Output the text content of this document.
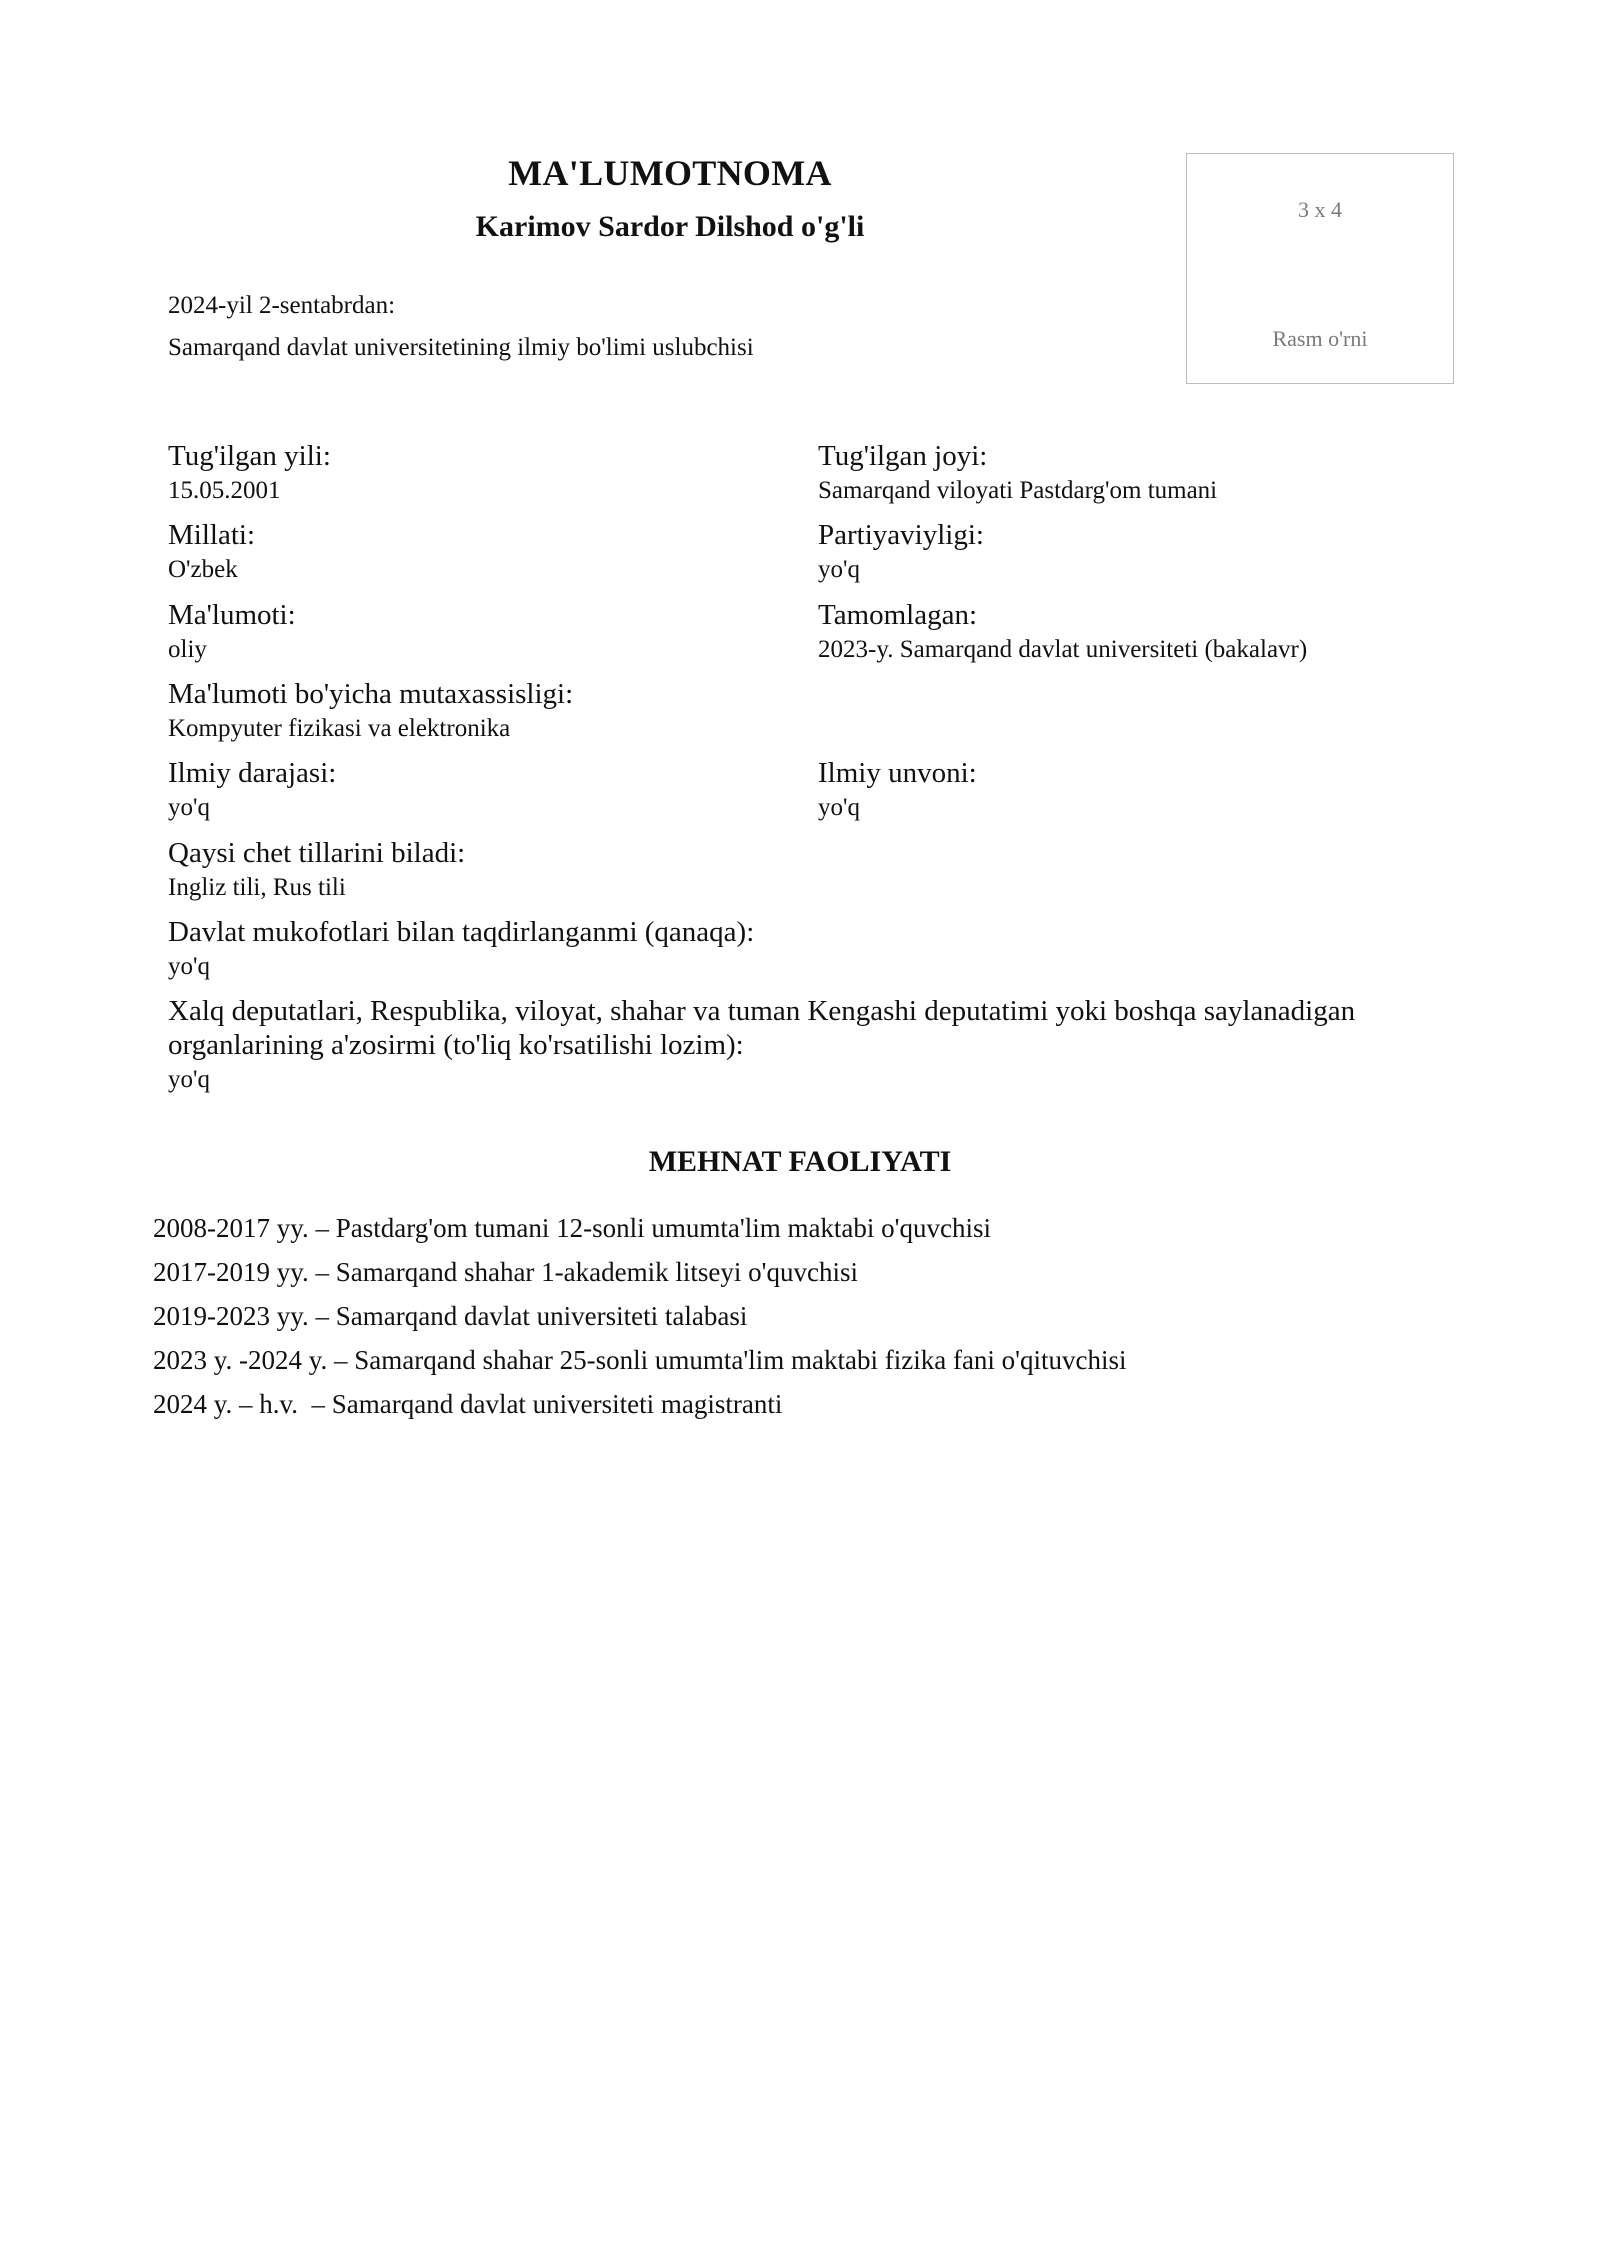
MA'LUMOTNOMA
Karimov Sardor Dilshod o'g'li
2024-yil 2-sentabrdan:
Samarqand davlat universitetining ilmiy bo'limi uslubchisi
3 x 4
Rasm o'rni
Tug'ilgan yili:
15.05.2001
Tug'ilgan joyi:
Samarqand viloyati Pastdarg'om tumani
Millati:
O'zbek
Partiyaviyligi:
yo'q
Ma'lumoti:
oliy
Tamomlagan:
2023-y. Samarqand davlat universiteti (bakalavr)
Ma'lumoti bo'yicha mutaxassisligi:
Kompyuter fizikasi va elektronika
Ilmiy darajasi:
yo'q
Ilmiy unvoni:
yo'q
Qaysi chet tillarini biladi:
Ingliz tili, Rus tili
Davlat mukofotlari bilan taqdirlanganmi (qanaqa):
yo'q
Xalq deputatlari, Respublika, viloyat, shahar va tuman Kengashi deputatimi yoki boshqa saylanadigan
organlarining a'zosirmi (to'liq ko'rsatilishi lozim):
yo'q
MEHNAT FAOLIYATI
2008-2017 yy. – Pastdarg'om tumani 12-sonli umumta'lim maktabi o'quvchisi
2017-2019 yy. – Samarqand shahar 1-akademik litseyi o'quvchisi
2019-2023 yy. – Samarqand davlat universiteti talabasi
2023 y. -2024 y. – Samarqand shahar 25-sonli umumta'lim maktabi fizika fani o'qituvchisi
2024 y. – h.v.  – Samarqand davlat universiteti magistranti
